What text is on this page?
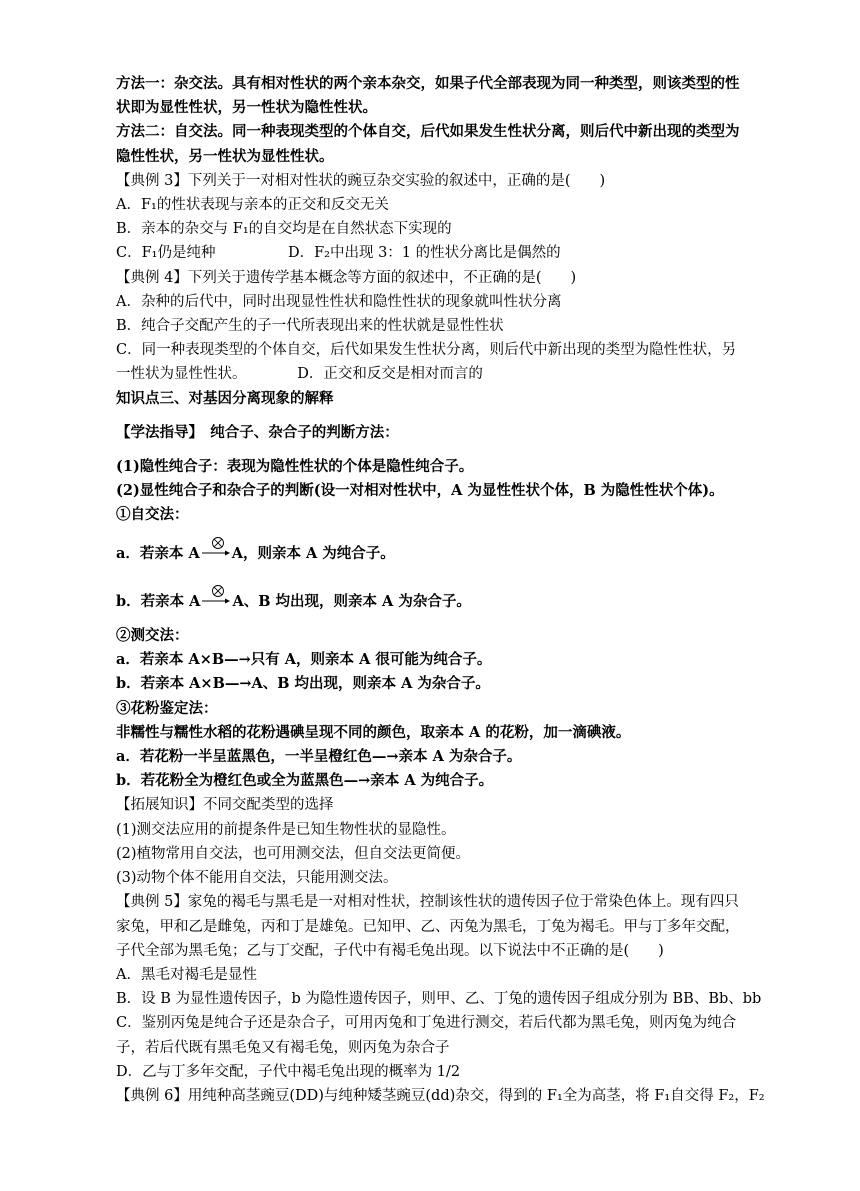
方法一：杂交法。具有相对性状的两个亲本杂交，如果子代全部表现为同一种类型，则该类型的性
状即为显性性状，另一性状为隐性性状。
方法二：自交法。同一种表现类型的个体自交，后代如果发生性状分离，则后代中新出现的类型为
隐性性状，另一性状为显性性状。
【典例 3】下列关于一对相对性状的豌豆杂交实验的叙述中，正确的是(　　)
A．F₁的性状表现与亲本的正交和反交无关
B．亲本的杂交与 F₁的自交均是在自然状态下实现的
C．F₁仍是纯种　　　　　D．F₂中出现 3：1 的性状分离比是偶然的
【典例 4】下列关于遗传学基本概念等方面的叙述中，不正确的是(　　)
A．杂种的后代中，同时出现显性性状和隐性性状的现象就叫性状分离
B．纯合子交配产生的子一代所表现出来的性状就是显性性状
C．同一种表现类型的个体自交，后代如果发生性状分离，则后代中新出现的类型为隐性性状，另
一性状为显性性状。　　　　D．正交和反交是相对而言的
知识点三、对基因分离现象的解释
【学法指导】　纯合子、杂合子的判断方法：
(1)隐性纯合子：表现为隐性性状的个体是隐性纯合子。
(2)显性纯合子和杂合子的判断(设一对相对性状中，A 为显性性状个体，B 为隐性性状个体)。
①自交法：
a．若亲本 A A，则亲本 A 为纯合子。
b．若亲本 A A、B 均出现，则亲本 A 为杂合子。
②测交法：
a．若亲本 A×B—→只有 A，则亲本 A 很可能为纯合子。
b．若亲本 A×B—→A、B 均出现，则亲本 A 为杂合子。
③花粉鉴定法：
非糯性与糯性水稻的花粉遇碘呈现不同的颜色，取亲本 A 的花粉，加一滴碘液。
a．若花粉一半呈蓝黑色，一半呈橙红色—→亲本 A 为杂合子。
b．若花粉全为橙红色或全为蓝黑色—→亲本 A 为纯合子。
【拓展知识】不同交配类型的选择
(1)测交法应用的前提条件是已知生物性状的显隐性。
(2)植物常用自交法，也可用测交法，但自交法更简便。
(3)动物个体不能用自交法，只能用测交法。
【典例 5】家兔的褐毛与黑毛是一对相对性状，控制该性状的遗传因子位于常染色体上。现有四只
家兔，甲和乙是雌兔，丙和丁是雄兔。已知甲、乙、丙兔为黑毛，丁兔为褐毛。甲与丁多年交配，
子代全部为黑毛兔；乙与丁交配，子代中有褐毛兔出现。以下说法中不正确的是(　　)
A．黑毛对褐毛是显性
B．设 B 为显性遗传因子，b 为隐性遗传因子，则甲、乙、丁兔的遗传因子组成分别为 BB、Bb、bb
C．鉴别丙兔是纯合子还是杂合子，可用丙兔和丁兔进行测交，若后代都为黑毛兔，则丙兔为纯合
子，若后代既有黑毛兔又有褐毛兔，则丙兔为杂合子
D．乙与丁多年交配，子代中褐毛兔出现的概率为 1/2
【典例 6】用纯种高茎豌豆(DD)与纯种矮茎豌豆(dd)杂交，得到的 F₁全为高茎，将 F₁自交得 F₂，F₂
